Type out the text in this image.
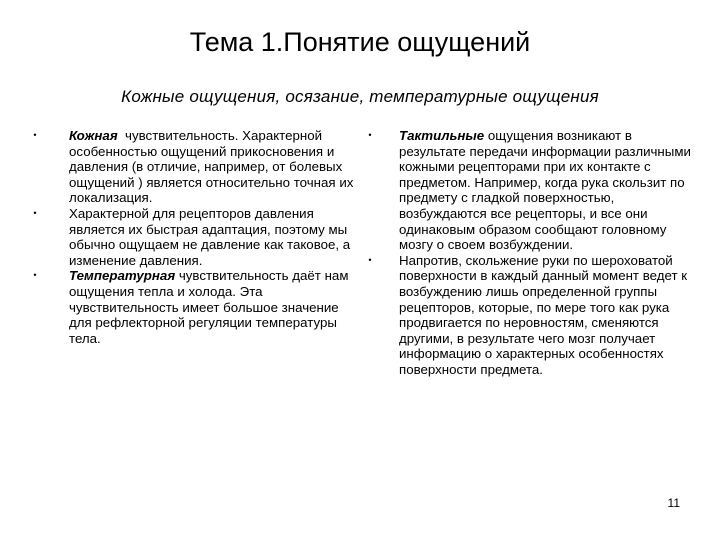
Тема 1.Понятие ощущений
Кожные ощущения, осязание, температурные ощущения
• Кожная  чувствительность. Характерной особенностью ощущений прикосновения и давления (в отличие, например, от болевых ощущений ) является относительно точная их локализация.
• Характерной для рецепторов давления является их быстрая адаптация, поэтому мы обычно ощущаем не давление как таковое, а изменение давления.
• Температурная чувствительность даёт нам ощущения тепла и холода. Эта чувствительность имеет большое значение для рефлекторной регуляции температуры тела.
• Тактильные ощущения возникают в результате передачи информации различными кожными рецепторами при их контакте с предметом. Например, когда рука скользит по предмету с гладкой поверхностью, возбуждаются все рецепторы, и все они одинаковым образом сообщают головному мозгу о своем возбуждении.
• Напротив, скольжение руки по шероховатой поверхности в каждый данный момент ведет к возбуждению лишь определенной группы рецепторов, которые, по мере того как рука продвигается по неровностям, сменяются другими, в результате чего мозг получает информацию о характерных особенностях поверхности предмета.
11
